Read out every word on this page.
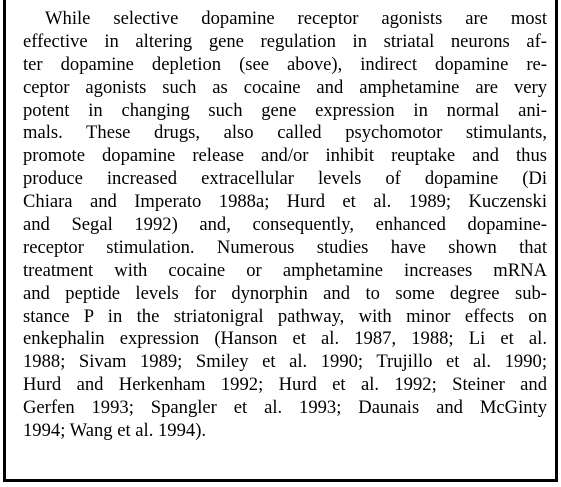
While selective dopamine receptor agonists are most
effective in altering gene regulation in striatal neurons af-
ter dopamine depletion (see above), indirect dopamine re-
ceptor agonists such as cocaine and amphetamine are very
potent in changing such gene expression in normal ani-
mals. These drugs, also called psychomotor stimulants,
promote dopamine release and/or inhibit reuptake and thus
produce increased extracellular levels of dopamine (Di
Chiara and Imperato 1988a; Hurd et al. 1989; Kuczenski
and Segal 1992) and, consequently, enhanced dopamine-
receptor stimulation. Numerous studies have shown that
treatment with cocaine or amphetamine increases mRNA
and peptide levels for dynorphin and to some degree sub-
stance P in the striatonigral pathway, with minor effects on
enkephalin expression (Hanson et al. 1987, 1988; Li et al.
1988; Sivam 1989; Smiley et al. 1990; Trujillo et al. 1990;
Hurd and Herkenham 1992; Hurd et al. 1992; Steiner and
Gerfen 1993; Spangler et al. 1993; Daunais and McGinty
1994; Wang et al. 1994).
